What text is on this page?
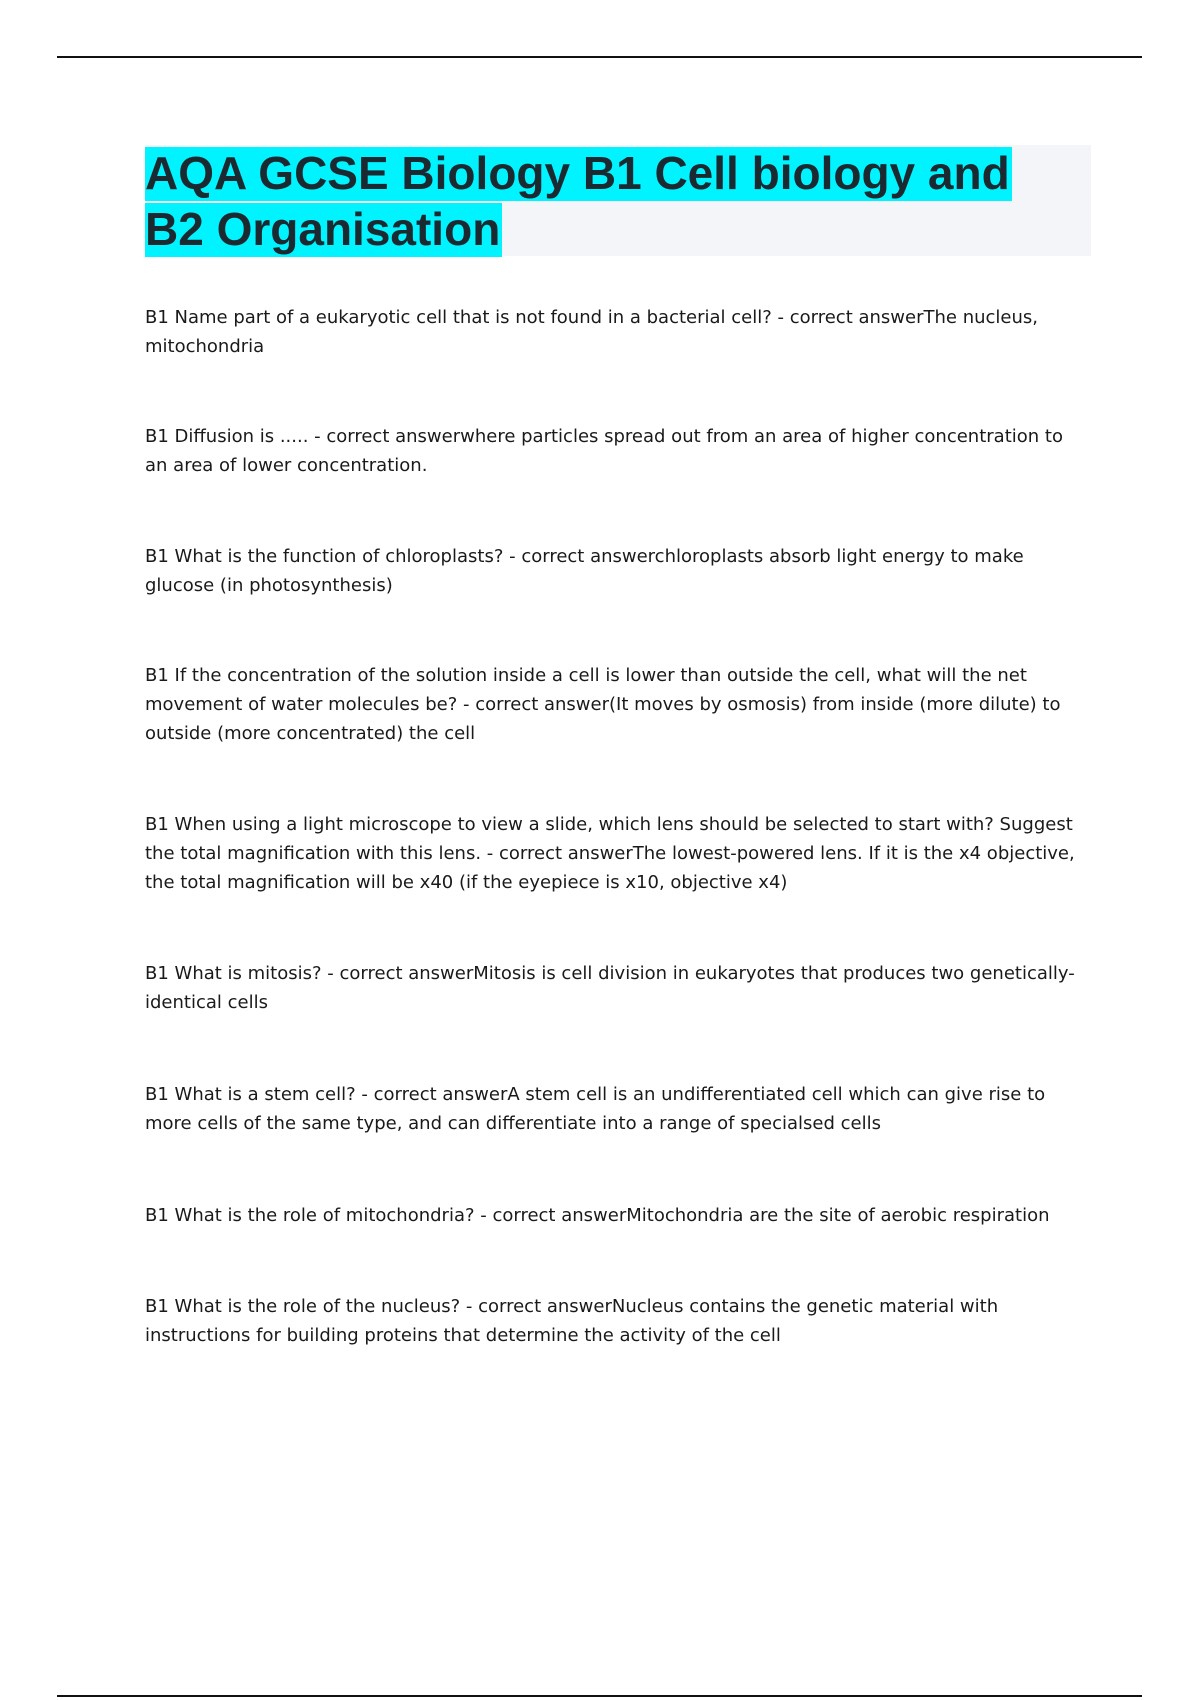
AQA GCSE Biology B1 Cell biology and
B2 Organisation

B1 Name part of a eukaryotic cell that is not found in a bacterial cell? - correct answerThe nucleus, mitochondria

B1 Diffusion is ..... - correct answerwhere particles spread out from an area of higher concentration to an area of lower concentration.

B1 What is the function of chloroplasts? - correct answerchloroplasts absorb light energy to make glucose (in photosynthesis)

B1 If the concentration of the solution inside a cell is lower than outside the cell, what will the net movement of water molecules be? - correct answer(It moves by osmosis) from inside (more dilute) to outside (more concentrated) the cell

B1 When using a light microscope to view a slide, which lens should be selected to start with? Suggest the total magnification with this lens. - correct answerThe lowest-powered lens. If it is the x4 objective, the total magnification will be x40 (if the eyepiece is x10, objective x4)

B1 What is mitosis? - correct answerMitosis is cell division in eukaryotes that produces two genetically-identical cells

B1 What is a stem cell? - correct answerA stem cell is an undifferentiated cell which can give rise to more cells of the same type, and can differentiate into a range of specialsed cells

B1 What is the role of mitochondria? - correct answerMitochondria are the site of aerobic respiration

B1 What is the role of the nucleus? - correct answerNucleus contains the genetic material with instructions for building proteins that determine the activity of the cell
